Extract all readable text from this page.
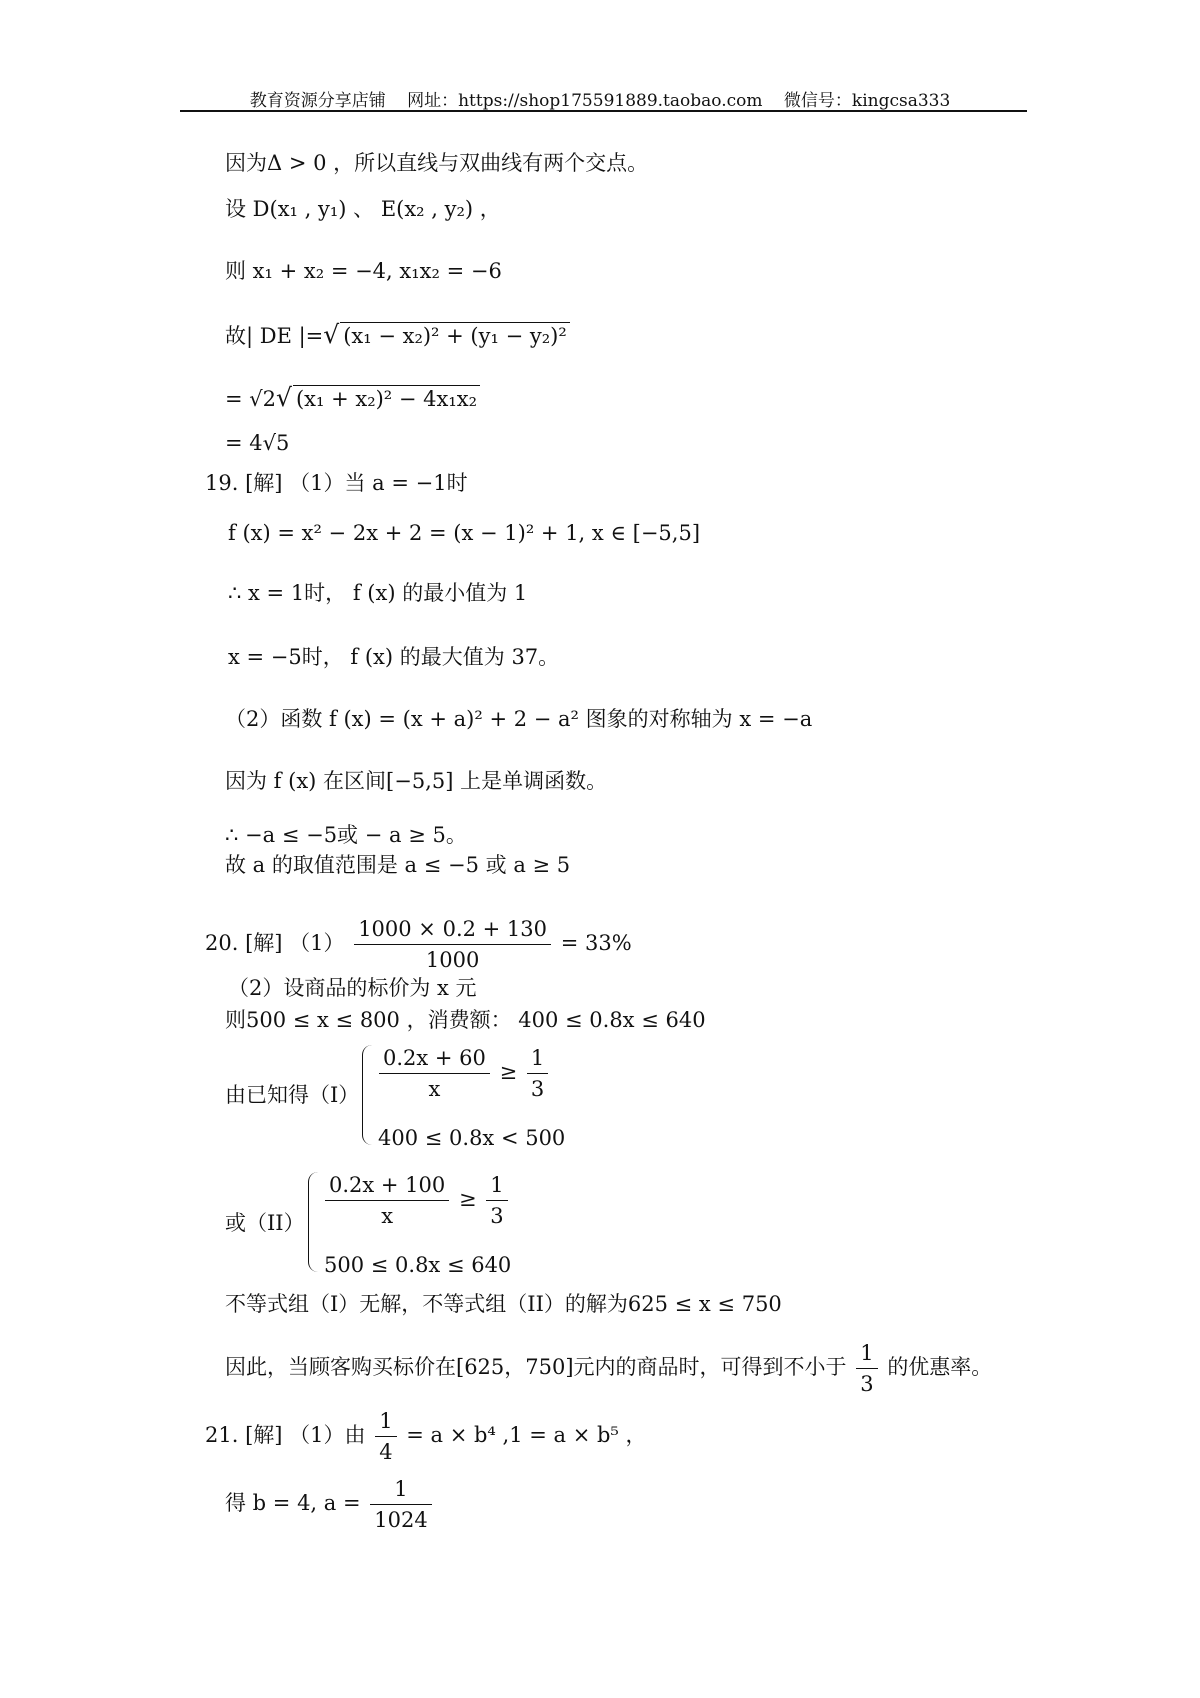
教育资源分享店铺 网址：https://shop175591889.taobao.com 微信号：kingcsa333
因为Δ > 0 ，所以直线与双曲线有两个交点。
设 D(x₁ , y₁) 、 E(x₂ , y₂) ，
则 x₁ + x₂ = −4, x₁x₂ = −6
故| DE |=√ (x₁ − x₂)² + (y₁ − y₂)²
= √2√ (x₁ + x₂)² − 4x₁x₂
= 4√5
19. [解] （1）当 a = −1时
f (x) = x² − 2x + 2 = (x − 1)² + 1, x ∈ [−5,5]
∴ x = 1时， f (x) 的最小值为 1
x = −5时， f (x) 的最大值为 37。
（2）函数 f (x) = (x + a)² + 2 − a² 图象的对称轴为 x = −a
因为 f (x) 在区间[−5,5] 上是单调函数。
∴ −a ≤ −5或 − a ≥ 5。
故 a 的取值范围是 a ≤ −5 或 a ≥ 5
20. [解] $(1) \frac{1000 \times 0.2 + 130}{1000} = 33\%$
（2）设商品的标价为 x 元
则500 ≤ x ≤ 800 ，消费额： 400 ≤ 0.8x ≤ 640
由已知得$(I) \frac{0.2x + 60}{x} \ge \frac{1}{3}$
400 ≤ 0.8x < 500
或$(II) \frac{0.2x + 100}{x} \ge \frac{1}{3}$
500 ≤ 0.8x ≤ 640
不等式组（I）无解，不等式组（II）的解为625 ≤ x ≤ 750
因此，当顾客购买标价在[625，750]元内的商品时，可得到不小于 $\frac{1}{3}$ 的优惠率。
21. [解] （1）由 $\frac{1}{4} = a \times b^4$ ,1 = a × b⁵ ，
得 b = 4, $a = \frac{1}{1024}$
